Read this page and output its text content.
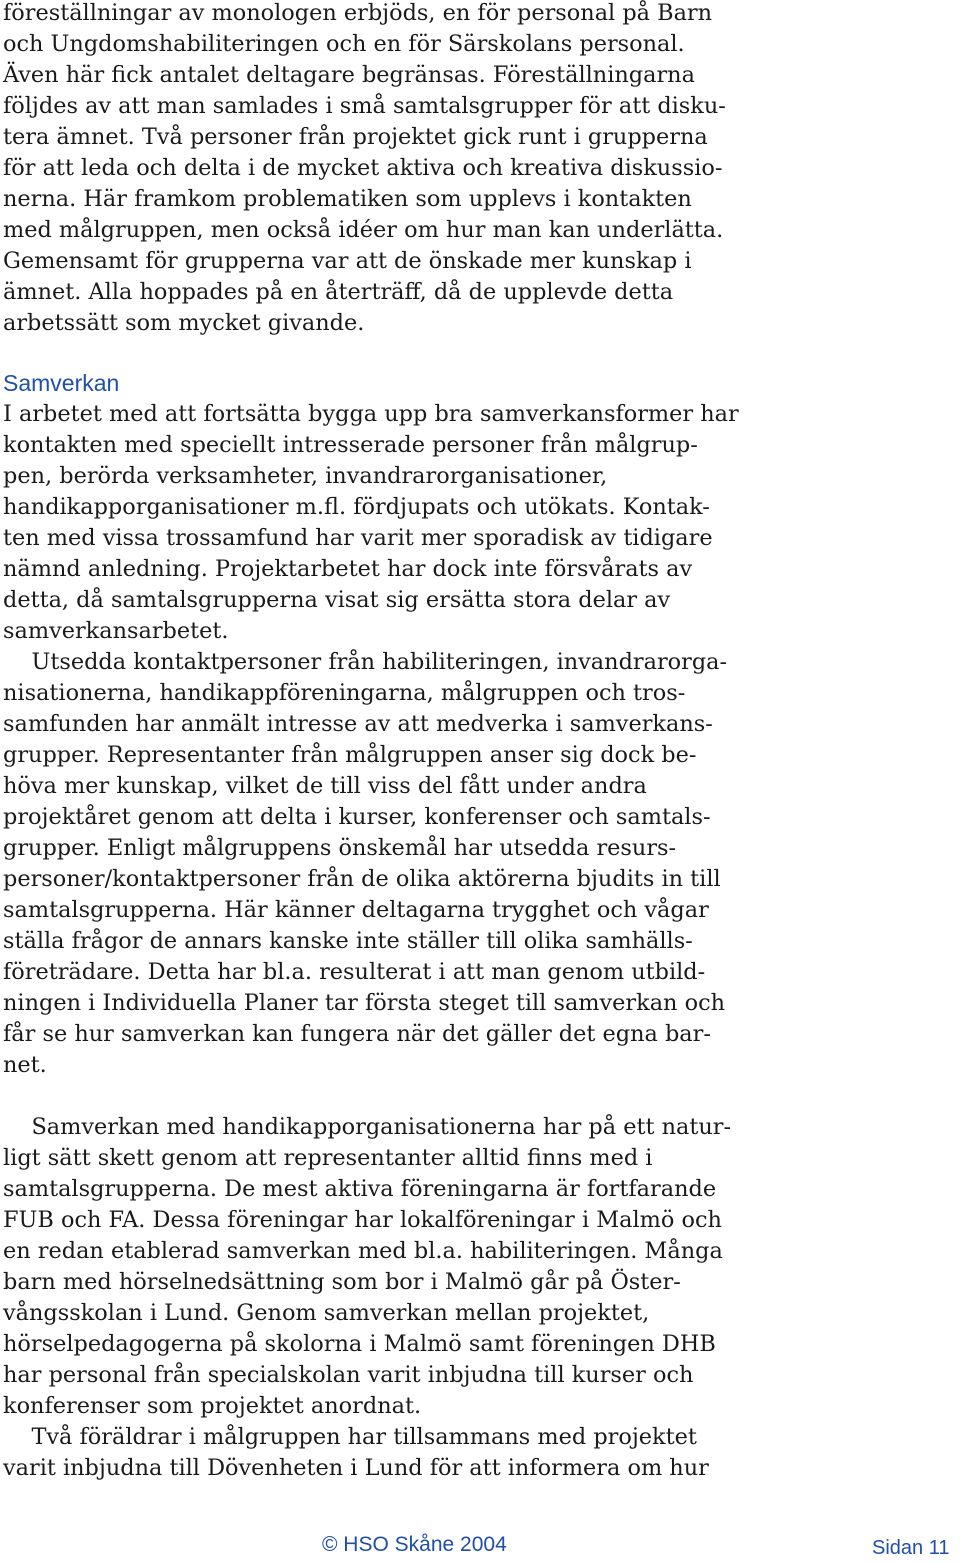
föreställningar av monologen erbjöds, en för personal på Barn
och Ungdomshabiliteringen och en för Särskolans personal.
Även här fick antalet deltagare begränsas. Föreställningarna
följdes av att man samlades i små samtalsgrupper för att disku-
tera ämnet. Två personer från projektet gick runt i grupperna
för att leda och delta i de mycket aktiva och kreativa diskussio-
nerna. Här framkom problematiken som upplevs i kontakten
med målgruppen, men också idéer om hur man kan underlätta.
Gemensamt för grupperna var att de önskade mer kunskap i
ämnet. Alla hoppades på en återträff, då de upplevde detta
arbetssätt som mycket givande.
Samverkan
I arbetet med att fortsätta bygga upp bra samverkansformer har
kontakten med speciellt intresserade personer från målgrup-
pen, berörda verksamheter, invandrarorganisationer,
handikapporganisationer m.fl. fördjupats och utökats. Kontak-
ten med vissa trossamfund har varit mer sporadisk av tidigare
nämnd anledning. Projektarbetet har dock inte försvårats av
detta, då samtalsgrupperna visat sig ersätta stora delar av
samverkansarbetet.
Utsedda kontaktpersoner från habiliteringen, invandrarorga-
nisationerna, handikappföreningarna, målgruppen och tros-
samfunden har anmält intresse av att medverka i samverkans-
grupper. Representanter från målgruppen anser sig dock be-
höva mer kunskap, vilket de till viss del fått under andra
projektåret genom att delta i kurser, konferenser och samtals-
grupper. Enligt målgruppens önskemål har utsedda resurs-
personer/kontaktpersoner från de olika aktörerna bjudits in till
samtalsgrupperna. Här känner deltagarna trygghet och vågar
ställa frågor de annars kanske inte ställer till olika samhälls-
företrädare. Detta har bl.a. resulterat i att man genom utbild-
ningen i Individuella Planer tar första steget till samverkan och
får se hur samverkan kan fungera när det gäller det egna bar-
net.
Samverkan med handikapporganisationerna har på ett natur-
ligt sätt skett genom att representanter alltid finns med i
samtalsgrupperna. De mest aktiva föreningarna är fortfarande
FUB och FA. Dessa föreningar har lokalföreningar i Malmö och
en redan etablerad samverkan med bl.a. habiliteringen. Många
barn med hörselnedsättning som bor i Malmö går på Öster-
vångsskolan i Lund. Genom samverkan mellan projektet,
hörselpedagogerna på skolorna i Malmö samt föreningen DHB
har personal från specialskolan varit inbjudna till kurser och
konferenser som projektet anordnat.
Två föräldrar i målgruppen har tillsammans med projektet
varit inbjudna till Dövenheten i Lund för att informera om hur
© HSO Skåne 2004	Sidan 11
